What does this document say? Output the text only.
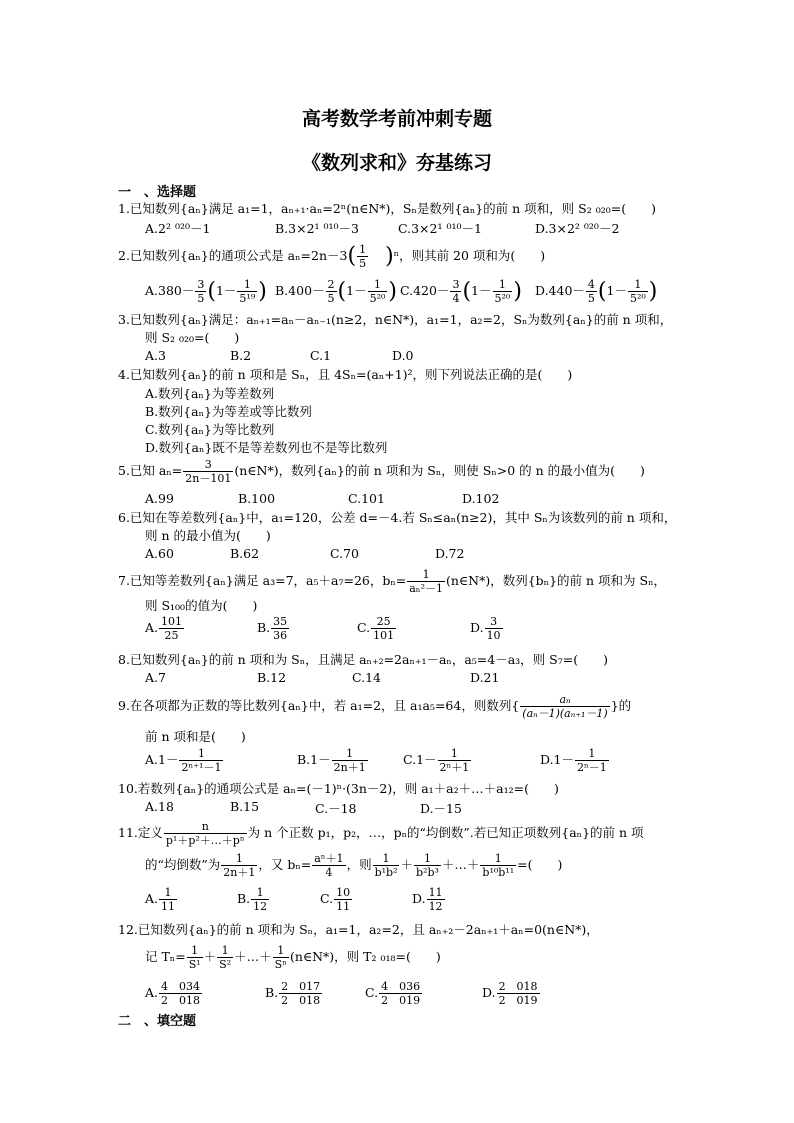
高考数学考前冲刺专题
《数列求和》夯基练习
一　、选择题
1.已知数列{aₙ}满足 a₁=1，aₙ₊₁·aₙ=2ⁿ(n∈N*)，Sₙ是数列{aₙ}的前 n 项和，则 S₂ ₀₂₀=(　　)
A.2² ⁰²⁰－1	B.3×2¹ ⁰¹⁰－3	C.3×2¹ ⁰¹⁰－1	D.3×2² ⁰²⁰－2
2.已知数列{aₙ}的通项公式是 $a_n=2n-3( \frac{1}{5} )^n$，则其前 20 项和为(　　)
$A.380- \frac{3}{5} (1- \frac{1}{\text{5¹⁹}}$ ) $B.400- \frac{2}{5} (1- \frac{1}{\text{5²⁰}}$ ) $C.420- \frac{3}{4} (1- \frac{1}{\text{5²⁰}}$ ) $D.440- \frac{4}{5} (1- \frac{1}{\text{5²⁰}}$ )
3.已知数列{aₙ}满足：aₙ₊₁=aₙ－aₙ₋₁(n≥2，n∈N*)，a₁=1，a₂=2，Sₙ为数列{aₙ}的前 n 项和，
则 S₂ ₀₂₀=(　　)
A.3	B.2	C.1	D.0
4.已知数列{aₙ}的前 n 项和是 Sₙ，且 4Sₙ=(aₙ+1)²，则下列说法正确的是(　　)
A.数列{aₙ}为等差数列
B.数列{aₙ}为等差或等比数列
C.数列{aₙ}为等比数列
D.数列{aₙ}既不是等差数列也不是等比数列
5.已知 $a_n= \frac{3}{2n-101}$ (n∈N*)，数列{aₙ}的前 n 项和为 Sₙ，则使 Sₙ>0 的 n 的最小值为(　　)
A.99	B.100	C.101	D.102
6.已知在等差数列{aₙ}中，a₁=120，公差 d=－4.若 Sₙ≤aₙ(n≥2)，其中 Sₙ为该数列的前 n 项和，
则 n 的最小值为(　　)
A.60	B.62	C.70	D.72
7.已知等差数列{aₙ}满足 a₃=7，a₅＋a₇=26，$b_n= \frac{1}{\text{aₙ²－1}}$ (n∈N*)，数列{bₙ}的前 n 项和为 Sₙ，
则 S₁₀₀的值为(　　)
A. $\frac{101}{25}$	B. $\frac{35}{36}$	C. $\frac{25}{101}$	D. $\frac{3}{10}$
8.已知数列{aₙ}的前 n 项和为 Sₙ，且满足 aₙ₊₂=2aₙ₊₁－aₙ，a₅=4－a₃，则 S₇=(　　)
A.7	B.12	C.14	D.21
9.在各项都为正数的等比数列{aₙ}中，若 a₁=2，且 a₁a₅=64，则数列{ $\frac{\text{aₙ}}{\text{(aₙ－1)(aₙ₊₁－1)}}$ }的
前 n 项和是(　　)
$A.1- \frac{1}{\text{2ⁿ⁺¹－1}}$	$B.1- \frac{1}{2n+1}$	$C.1- \frac{1}{\text{2ⁿ＋1}}$	$D.1- \frac{1}{\text{2ⁿ－1}}$
10.若数列{aₙ}的通项公式是 aₙ=(－1)ⁿ·(3n－2)，则 a₁＋a₂＋…＋a₁₂=(　　)
A.18	B.15	C.－18	D.－15
11.定义 $\frac{n}{\text{p¹＋p²＋…＋pⁿ}}$ 为 n 个正数 p₁，p₂，…，pₙ的“均倒数”.若已知正项数列{aₙ}的前 n 项
的“均倒数”为 $\frac{1}{2n+1}$ ，又 $b_n= \frac{\text{aⁿ＋1}}{4}$ ，则 $\frac{1}{\text{b¹b²}} + \frac{1}{\text{b²b³}}$ ＋…＋ $\frac{1}{\text{b¹⁰b¹¹}}$ =(　　)
A. $\frac{1}{11}$	B. $\frac{1}{12}$	C. $\frac{10}{11}$	D. $\frac{11}{12}$
12.已知数列{aₙ}的前 n 项和为 Sₙ，a₁=1，a₂=2，且 aₙ₊₂－2aₙ₊₁＋aₙ=0(n∈N*)，
记 $T_n= \frac{1}{\text{S¹}} + \frac{1}{\text{S²}}$ ＋…＋ $\frac{1}{\text{Sⁿ}}$ (n∈N*)，则 T₂ ₀₁₈=(　　)
A. $\frac{4 034}{2 018}$	B. $\frac{2 017}{2 018}$	C. $\frac{4 036}{2 019}$	D. $\frac{2 018}{2 019}$
二　、填空题
